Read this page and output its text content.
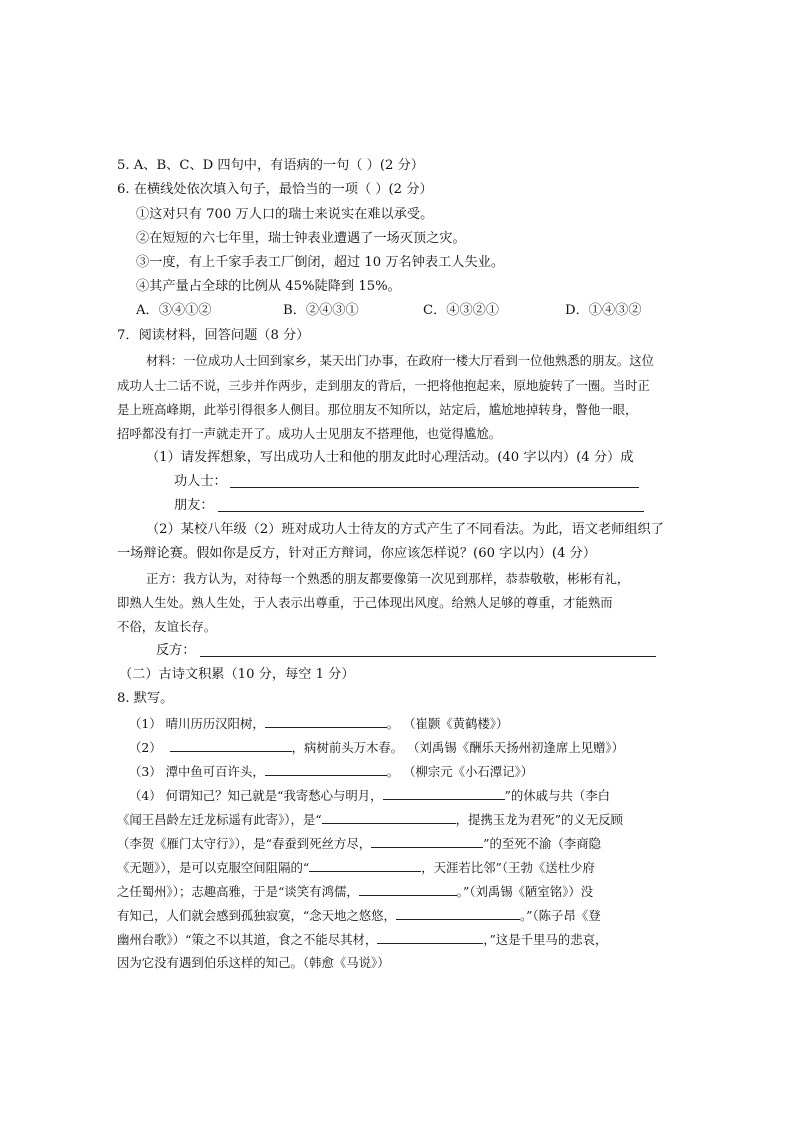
5. A、B、C、D 四句中，有语病的一句（ ）(2 分）
6. 在横线处依次填入句子，最恰当的一项（ ）(2 分）
①这对只有 700 万人口的瑞士来说实在难以承受。
②在短短的六七年里，瑞士钟表业遭遇了一场灭顶之灾。
③一度，有上千家手表工厂倒闭，超过 10 万名钟表工人失业。
④其产量占全球的比例从 45%陡降到 15%。
A．③④①②	B．②④③①	C．④③②①	D．①④③②
7．阅读材料，回答问题（8 分）
材料：一位成功人士回到家乡，某天出门办事，在政府一楼大厅看到一位他熟悉的朋友。这位
成功人士二话不说，三步并作两步，走到朋友的背后，一把将他抱起来，原地旋转了一圈。当时正
是上班高峰期，此举引得很多人侧目。那位朋友不知所以，站定后，尴尬地掉转身，瞥他一眼，
招呼都没有打一声就走开了。成功人士见朋友不搭理他，也觉得尴尬。
（1）请发挥想象，写出成功人士和他的朋友此时心理活动。(40 字以内）(4 分）成
功人士：
朋友：
（2）某校八年级（2）班对成功人士待友的方式产生了不同看法。为此，语文老师组织了
一场辩论赛。假如你是反方，针对正方辩词，你应该怎样说？(60 字以内）(4 分）
正方：我方认为，对待每一个熟悉的朋友都要像第一次见到那样，恭恭敬敬，彬彬有礼，
即熟人生处。熟人生处，于人表示出尊重，于己体现出风度。给熟人足够的尊重，才能熟而
不俗，友谊长存。
反方：
（二）古诗文积累（10 分，每空 1 分）
8. 默写。
（1） 晴川历历汉阳树，	。 （崔颢《黄鹤楼》）
（2）	，病树前头万木春。 （刘禹锡《酬乐天扬州初逢席上见赠》）
（3） 潭中鱼可百许头，	。 （柳宗元《小石潭记》）
（4） 何谓知己？知己就是“我寄愁心与明月，	”的休戚与共（李白
《闻王昌龄左迁龙标遥有此寄》），是“	，提携玉龙为君死”的义无反顾
（李贺《雁门太守行》），是“春蚕到死丝方尽，	”的至死不渝（李商隐
《无题》），是可以克服空间阻隔的“	，天涯若比邻”（王勃《送杜少府
之任蜀州》）；志趣高雅，于是“谈笑有鸿儒，	。”（刘禹锡《陋室铭》）没
有知己，人们就会感到孤独寂寞，“念天地之悠悠，	。”（陈子昂《登
幽州台歌》）“策之不以其道，食之不能尽其材，	，”这是千里马的悲哀，
因为它没有遇到伯乐这样的知己。（韩愈《马说》）
